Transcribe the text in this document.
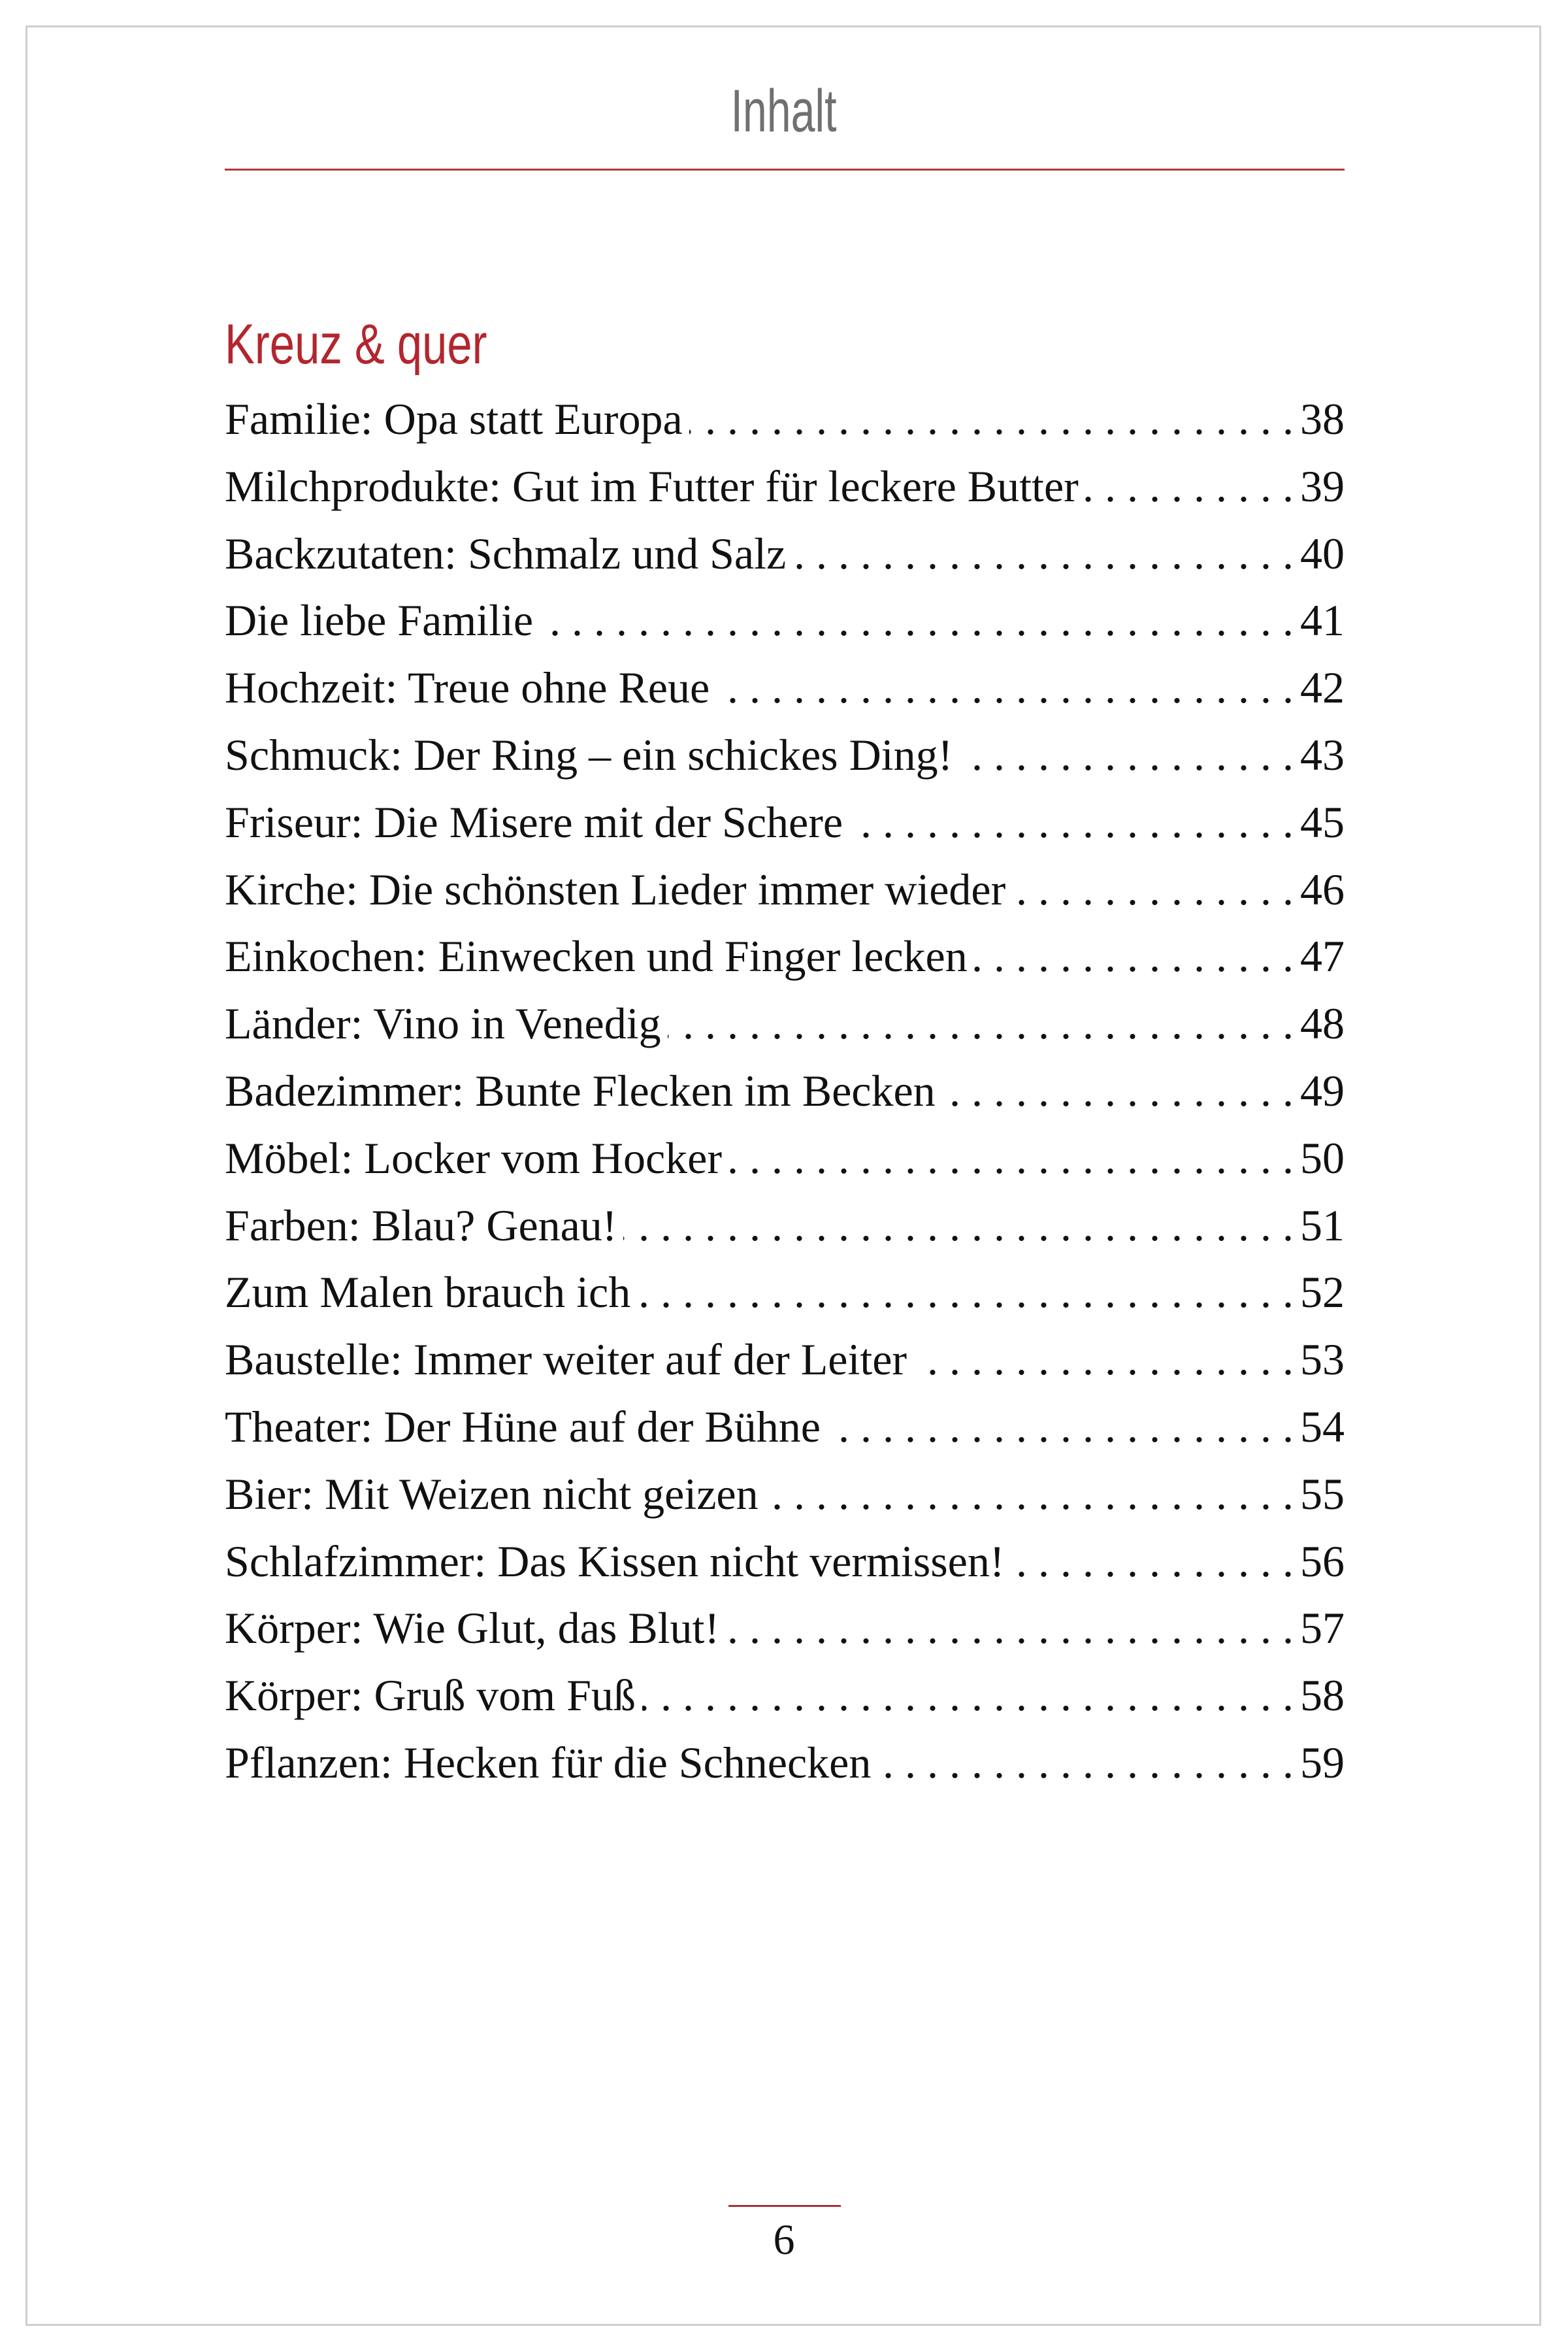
Inhalt
Kreuz & quer
Familie: Opa statt Europa . . .	38
Milchprodukte: Gut im Futter für leckere Butter . . .	39
Backzutaten: Schmalz und Salz . . .	40
Die liebe Familie . . .	41
Hochzeit: Treue ohne Reue . . .	42
Schmuck: Der Ring – ein schickes Ding! . . .	43
Friseur: Die Misere mit der Schere . . .	45
Kirche: Die schönsten Lieder immer wieder . . .	46
Einkochen: Einwecken und Finger lecken . . .	47
Länder: Vino in Venedig . . .	48
Badezimmer: Bunte Flecken im Becken . . .	49
Möbel: Locker vom Hocker . . .	50
Farben: Blau? Genau! . . .	51
Zum Malen brauch ich . . .	52
Baustelle: Immer weiter auf der Leiter . . .	53
Theater: Der Hüne auf der Bühne . . .	54
Bier: Mit Weizen nicht geizen . . .	55
Schlafzimmer: Das Kissen nicht vermissen! . . .	56
Körper: Wie Glut, das Blut! . . .	57
Körper: Gruß vom Fuß . . .	58
Pflanzen: Hecken für die Schnecken . . .	59
6
